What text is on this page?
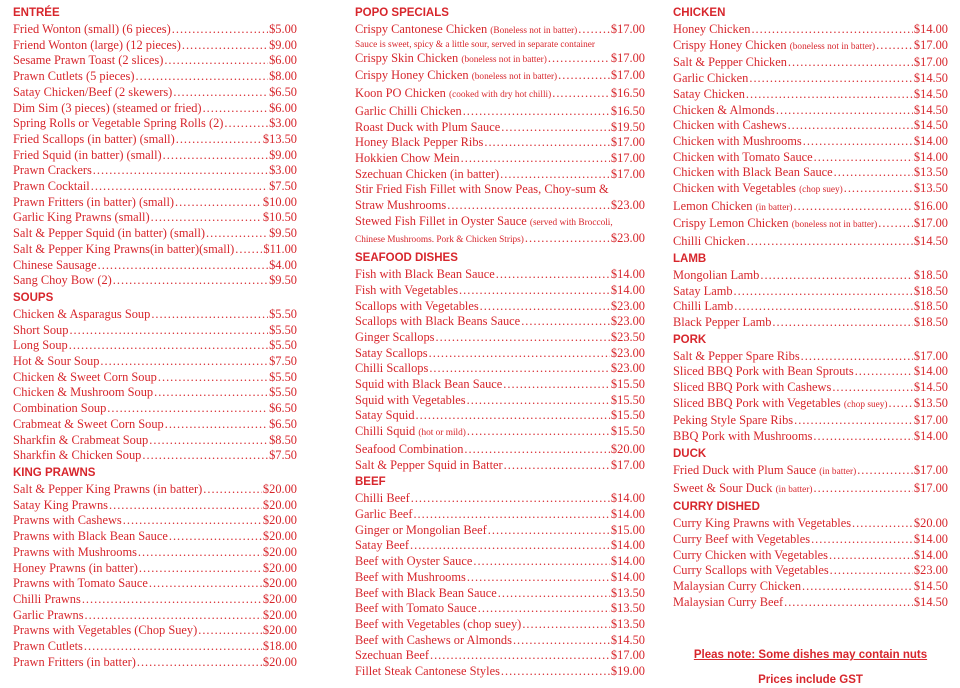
ENTRÉE
Fried Wonton (small) (6 pieces) .....	$5.00
Friend Wonton (large) (12 pieces) .....	$9.00
Sesame Prawn Toast (2 slices) .....	$6.00
Prawn Cutlets (5 pieces) .....	$8.00
Satay Chicken/Beef (2 skewers) .....	$6.50
Dim Sim (3 pieces) (steamed or fried) .....	$6.00
Spring Rolls or Vegetable Spring Rolls (2) .....	$3.00
Fried Scallops (in batter) (small) .....	$13.50
Fried Squid (in batter) (small) .....	$9.00
Prawn Crackers .....	$3.00
Prawn Cocktail .....	$7.50
Prawn Fritters (in batter) (small) .....	$10.00
Garlic King Prawns (small) .....	$10.50
Salt & Pepper Squid (in batter) (small) .....	$9.50
Salt & Pepper King Prawns(in batter)(small) ..... $11.00
Chinese Sausage .....	$4.00
Sang Choy Bow (2) .....	$9.50
SOUPS
Chicken & Asparagus Soup .....	$5.50
Short Soup .....	$5.50
Long Soup .....	$5.50
Hot & Sour Soup .....	$7.50
Chicken & Sweet Corn Soup .....	$5.50
Chicken & Mushroom Soup .....	$5.50
Combination Soup .....	$6.50
Crabmeat & Sweet Corn Soup .....	$6.50
Sharkfin & Crabmeat Soup .....	$8.50
Sharkfin & Chicken Soup .....	$7.50
KING PRAWNS
Salt & Pepper King Prawns (in batter) .....	$20.00
Satay King Prawns .....	$20.00
Prawns with Cashews .....	$20.00
Prawns with Black Bean Sauce .....	$20.00
Prawns with Mushrooms .....	$20.00
Honey Prawns (in batter) .....	$20.00
Prawns with Tomato Sauce .....	$20.00
Chilli Prawns .....	$20.00
Garlic Prawns .....	$20.00
Prawns with Vegetables (Chop Suey) .....	$20.00
Prawn Cutlets .....	$18.00
Prawn Fritters (in batter) .....	$20.00
POPO SPECIALS
Crispy Cantonese Chicken (Boneless not in batter) .....	$17.00
Sauce is sweet, spicy & a little sour, served in separate container
Crispy Skin Chicken (boneless not in batter) .....	$17.00
Crispy Honey Chicken (boneless not in batter) .....	$17.00
Koon PO Chicken (cooked with dry hot chilli) .....	$16.50
Garlic Chilli Chicken .....	$16.50
Roast Duck with Plum Sauce .....	$19.50
Honey Black Pepper Ribs .....	$17.00
Hokkien Chow Mein .....	$17.00
Szechuan Chicken (in batter) .....	$17.00
Stir Fried Fish Fillet with Snow Peas, Choy-sum &
Straw Mushrooms .....	$23.00
Stewed Fish Fillet in Oyster Sauce (served with Broccoli,
Chinese Mushrooms. Pork & Chicken Strips) .....	$23.00
SEAFOOD DISHES
Fish with Black Bean Sauce .....	$14.00
Fish with Vegetables .....	$14.00
Scallops with Vegetables .....	$23.00
Scallops with Black Beans Sauce .....	$23.00
Ginger Scallops .....	$23.50
Satay Scallops .....	$23.00
Chilli Scallops .....	$23.00
Squid with Black Bean Sauce .....	$15.50
Squid with Vegetables .....	$15.50
Satay Squid .....	$15.50
Chilli Squid (hot or mild) .....	$15.50
Seafood Combination .....	$20.00
Salt & Pepper Squid in Batter .....	$17.00
BEEF
Chilli Beef .....	$14.00
Garlic Beef .....	$14.00
Ginger or Mongolian Beef .....	$15.00
Satay Beef .....	$14.00
Beef with Oyster Sauce .....	$14.00
Beef with Mushrooms .....	$14.00
Beef with Black Bean Sauce .....	$13.50
Beef with Tomato Sauce .....	$13.50
Beef with Vegetables (chop suey) .....	$13.50
Beef with Cashews or Almonds .....	$14.50
Szechuan Beef .....	$17.00
Fillet Steak Cantonese Styles .....	$19.00
CHICKEN
Honey Chicken .....	$14.00
Crispy Honey Chicken (boneless not in batter) .....	$17.00
Salt & Pepper Chicken .....	$17.00
Garlic Chicken .....	$14.50
Satay Chicken .....	$14.50
Chicken & Almonds .....	$14.50
Chicken with Cashews .....	$14.50
Chicken with Mushrooms .....	$14.00
Chicken with Tomato Sauce .....	$14.00
Chicken with Black Bean Sauce .....	$13.50
Chicken with Vegetables (chop suey) .....	$13.50
Lemon Chicken (in batter) .....	$16.00
Crispy Lemon Chicken (boneless not in batter) .....	$17.00
Chilli Chicken .....	$14.50
LAMB
Mongolian Lamb .....	$18.50
Satay Lamb .....	$18.50
Chilli Lamb .....	$18.50
Black Pepper Lamb .....	$18.50
PORK
Salt & Pepper Spare Ribs .....	$17.00
Sliced BBQ Pork with Bean Sprouts .....	$14.00
Sliced BBQ Pork with Cashews .....	$14.50
Sliced BBQ Pork with Vegetables (chop suey) ..... $13.50
Peking Style Spare Ribs .....	$17.00
BBQ Pork with Mushrooms .....	$14.00
DUCK
Fried Duck with Plum Sauce (in batter) .....	$17.00
Sweet & Sour Duck (in batter) .....	$17.00
CURRY DISHED
Curry King Prawns with Vegetables .....	$20.00
Curry Beef with Vegetables .....	$14.00
Curry Chicken with Vegetables .....	$14.00
Curry Scallops with Vegetables .....	$23.00
Malaysian Curry Chicken .....	$14.50
Malaysian Curry Beef .....	$14.50
Pleas note: Some dishes may contain nuts
Prices include GST
